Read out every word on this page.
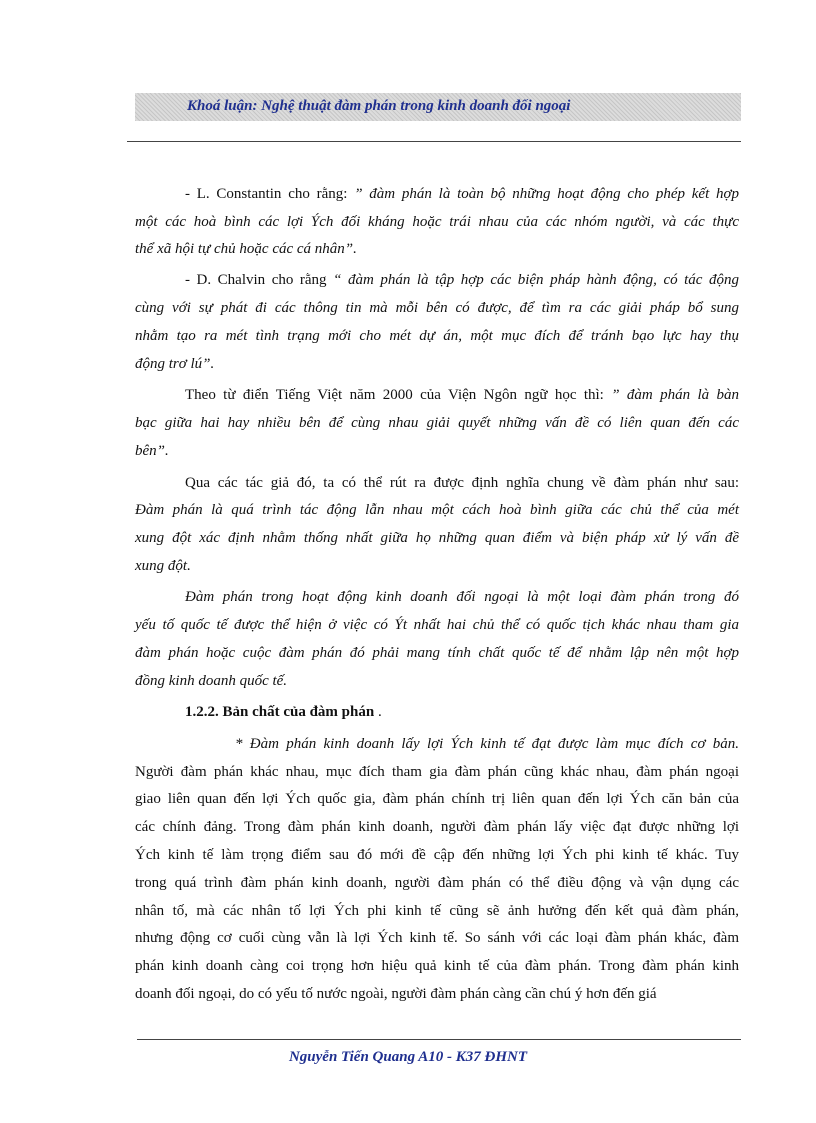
Khoá luận: Nghệ thuật đàm phán trong kinh doanh đối ngoại
- L. Constantin cho rằng: ” đàm phán là toàn bộ những hoạt động cho phép kết hợp
một các hoà bình các lợi Ých đối kháng hoặc trái nhau của các nhóm người, và các thực
thể xã hội tự chủ hoặc các cá nhân”.
- D. Chalvin cho rằng “ đàm phán là tập hợp các biện pháp hành động, có tác động
cùng với sự phát đi các thông tin mà mỗi bên có được, để tìm ra các giải pháp bổ sung
nhằm tạo ra mét tình trạng mới cho mét dự án, một mục đích để tránh bạo lực hay thụ
động trơ lú”.
Theo từ điển Tiếng Việt năm 2000 của Viện Ngôn ngữ học thì: ” đàm phán là bàn
bạc giữa hai hay nhiều bên để cùng nhau giải quyết những vấn đề có liên quan đến các
bên”.
Qua các tác giả đó, ta có thể rút ra được định nghĩa chung về đàm phán như sau:
Đàm phán là quá trình tác động lẫn nhau một cách hoà bình giữa các chủ thể của mét
xung đột xác định nhằm thống nhất giữa họ những quan điểm và biện pháp xử lý vấn đề
xung đột.
Đàm phán trong hoạt động kinh doanh đối ngoại là một loại đàm phán trong đó
yếu tố quốc tế được thể hiện ở việc có Ýt nhất hai chủ thể có quốc tịch khác nhau tham gia
đàm phán hoặc cuộc đàm phán đó phải mang tính chất quốc tế để nhằm lập nên một hợp
đồng kinh doanh quốc tế.
1.2.2. Bản chất của đàm phán .
* Đàm phán kinh doanh lấy lợi Ých kinh tế đạt được làm mục đích cơ bản.
Người đàm phán khác nhau, mục đích tham gia đàm phán cũng khác nhau, đàm phán ngoại
giao liên quan đến lợi Ých quốc gia, đàm phán chính trị liên quan đến lợi Ých căn bản của
các chính đảng. Trong đàm phán kinh doanh, người đàm phán lấy việc đạt được những lợi
Ých kinh tế làm trọng điểm sau đó mới đề cập đến những lợi Ých phi kinh tế khác. Tuy
trong quá trình đàm phán kinh doanh, người đàm phán có thể điều động và vận dụng các
nhân tố, mà các nhân tố lợi Ých phi kinh tế cũng sẽ ảnh hưởng đến kết quả đàm phán,
nhưng động cơ cuối cùng vẫn là lợi Ých kinh tế. So sánh với các loại đàm phán khác, đàm
phán kinh doanh càng coi trọng hơn hiệu quả kinh tế của đàm phán. Trong đàm phán kinh
doanh đối ngoại, do có yếu tố nước ngoài, người đàm phán càng cần chú ý hơn đến giá
Nguyễn Tiến Quang A10 - K37 ĐHNT
